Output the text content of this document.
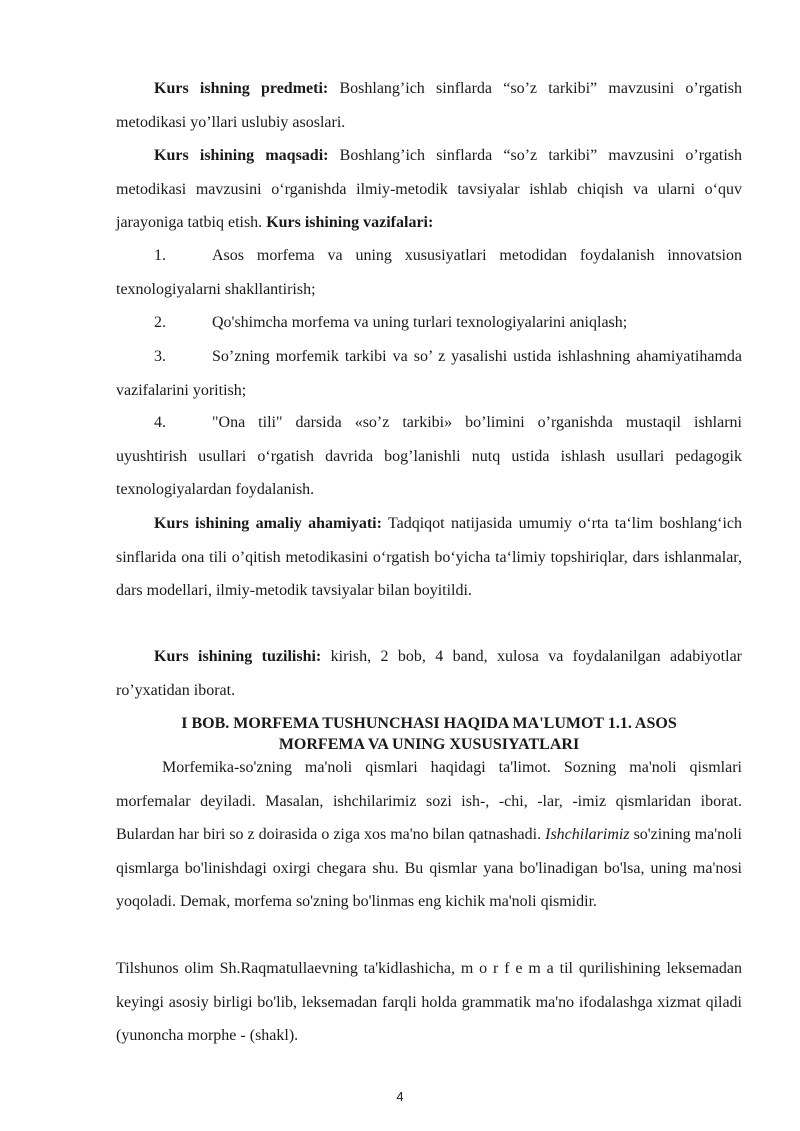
Kurs ishning predmeti: Boshlang’ich sinflarda “so’z tarkibi” mavzusini o’rgatish metodikasi yo’llari uslubiy asoslari.

Kurs ishining maqsadi: Boshlang’ich sinflarda “so’z tarkibi” mavzusini o’rgatish metodikasi mavzusini o‘rganishda ilmiy-metodik tavsiyalar ishlab chiqish va ularni o‘quv jarayoniga tatbiq etish. Kurs ishining vazifalari:

1.	Asos morfema va uning xususiyatlari metodidan foydalanish innovatsion texnologiyalarni shakllantirish;

2.	Qo'shimcha morfema va uning turlari texnologiyalarini aniqlash;

3.	So’zning morfemik tarkibi va so’ z yasalishi ustida ishlashning ahamiyatihamda vazifalarini yoritish;

4.	"Ona tili" darsida «so’z tarkibi» bo’limini o’rganishda mustaqil ishlarni uyushtirish usullari o‘rgatish davrida bog’lanishli nutq ustida ishlash usullari pedagogik texnologiyalardan foydalanish.

Kurs ishining amaliy ahamiyati: Tadqiqot natijasida umumiy o‘rta ta‘lim boshlang‘ich sinflarida ona tili o’qitish metodikasini o‘rgatish bo‘yicha ta‘limiy topshiriqlar, dars ishlanmalar, dars modellari, ilmiy-metodik tavsiyalar bilan boyitildi.

Kurs ishining tuzilishi: kirish, 2 bob, 4 band, xulosa va foydalanilgan adabiyotlar ro’yxatidan iborat.

I BOB. MORFEMA TUSHUNCHASI HAQIDA MA'LUMOT 1.1. ASOS
MORFEMA VA UNING XUSUSIYATLARI

Morfemika-so'zning ma'noli qismlari haqidagi ta'limot. Sozning ma'noli qismlari morfemalar deyiladi. Masalan, ishchilarimiz sozi ish-, -chi, -lar, -imiz qismlaridan iborat. Bulardan har biri so z doirasida o ziga xos ma'no bilan qatnashadi. Ishchilarimiz so'zining ma'noli qismlarga bo'linishdagi oxirgi chegara shu. Bu qismlar yana bo'linadigan bo'lsa, uning ma'nosi yoqoladi. Demak, morfema so'zning bo'linmas eng kichik ma'noli qismidir.

Tilshunos olim Sh.Raqmatullaevning ta'kidlashicha, m o r f e m a til qurilishining leksemadan keyingi asosiy birligi bo'lib, leksemadan farqli holda grammatik ma'no ifodalashga xizmat qiladi (yunoncha morphe - (shakl).

4
